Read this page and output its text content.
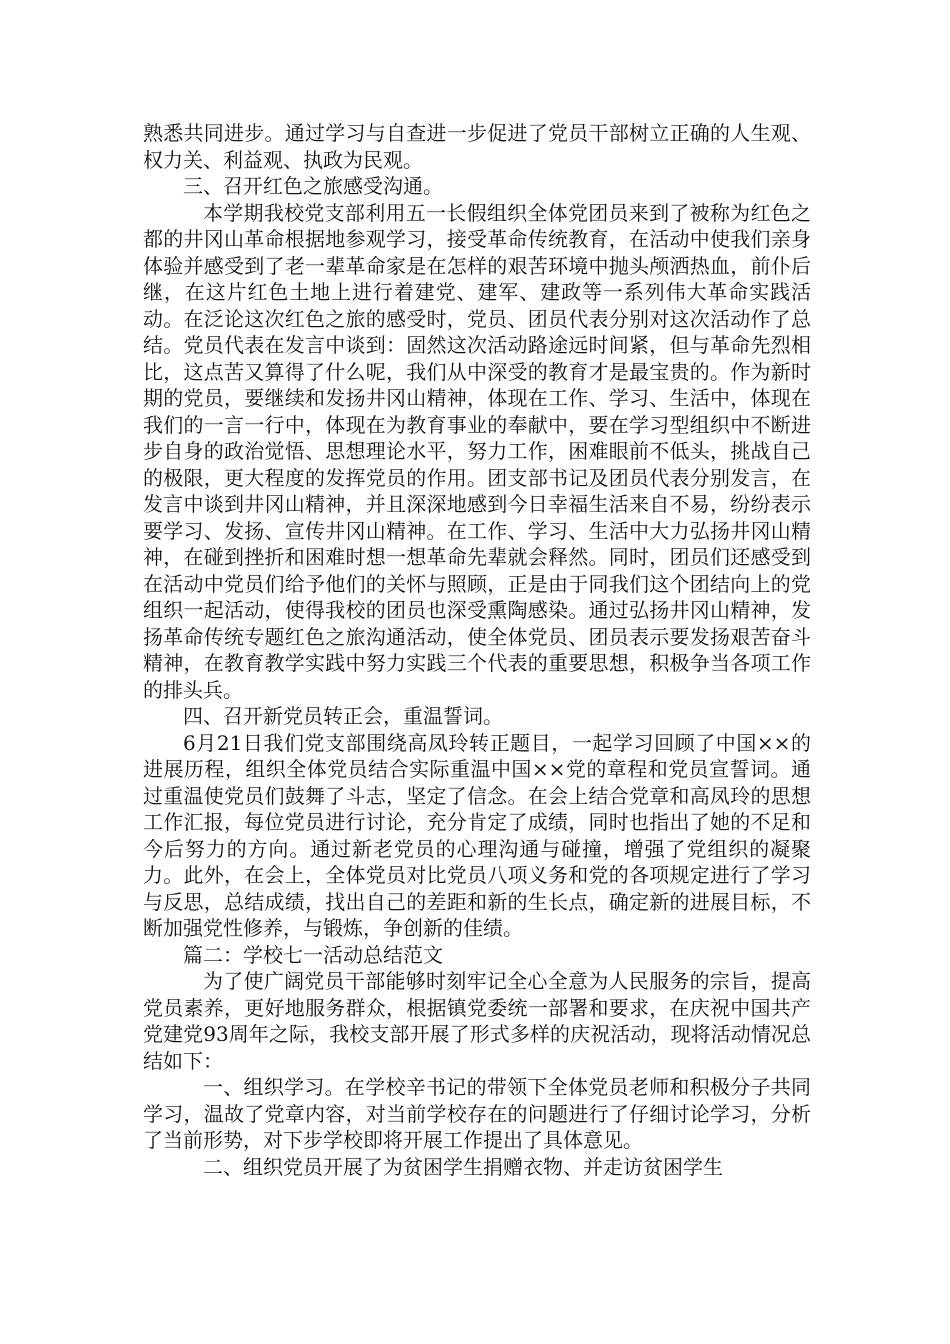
熟悉共同进步。通过学习与自查进一步促进了党员干部树立正确的人生观、权力关、利益观、执政为民观。

三、召开红色之旅感受沟通。

本学期我校党支部利用五一长假组织全体党团员来到了被称为红色之都的井冈山革命根据地参观学习，接受革命传统教育，在活动中使我们亲身体验并感受到了老一辈革命家是在怎样的艰苦环境中抛头颅洒热血，前仆后继，在这片红色土地上进行着建党、建军、建政等一系列伟大革命实践活动。在泛论这次红色之旅的感受时，党员、团员代表分别对这次活动作了总结。党员代表在发言中谈到：固然这次活动路途远时间紧，但与革命先烈相比，这点苦又算得了什么呢，我们从中深受的教育才是最宝贵的。作为新时期的党员，要继续和发扬井冈山精神，体现在工作、学习、生活中，体现在我们的一言一行中，体现在为教育事业的奉献中，要在学习型组织中不断进步自身的政治觉悟、思想理论水平，努力工作，困难眼前不低头，挑战自己的极限，更大程度的发挥党员的作用。团支部书记及团员代表分别发言，在发言中谈到井冈山精神，并且深深地感到今日幸福生活来自不易，纷纷表示要学习、发扬、宣传井冈山精神。在工作、学习、生活中大力弘扬井冈山精神，在碰到挫折和困难时想一想革命先辈就会释然。同时，团员们还感受到在活动中党员们给予他们的关怀与照顾，正是由于同我们这个团结向上的党组织一起活动，使得我校的团员也深受熏陶感染。通过弘扬井冈山精神，发扬革命传统专题红色之旅沟通活动，使全体党员、团员表示要发扬艰苦奋斗精神，在教育教学实践中努力实践三个代表的重要思想，积极争当各项工作的排头兵。

四、召开新党员转正会，重温誓词。

6月21日我们党支部围绕高凤玲转正题目，一起学习回顾了中国××的进展历程，组织全体党员结合实际重温中国××党的章程和党员宣誓词。通过重温使党员们鼓舞了斗志，坚定了信念。在会上结合党章和高凤玲的思想工作汇报，每位党员进行讨论，充分肯定了成绩，同时也指出了她的不足和今后努力的方向。通过新老党员的心理沟通与碰撞，增强了党组织的凝聚力。此外，在会上，全体党员对比党员八项义务和党的各项规定进行了学习与反思，总结成绩，找出自己的差距和新的生长点，确定新的进展目标，不断加强党性修养，与锻炼，争创新的佳绩。

篇二：学校七一活动总结范文

为了使广阔党员干部能够时刻牢记全心全意为人民服务的宗旨，提高党员素养，更好地服务群众，根据镇党委统一部署和要求，在庆祝中国共产党建党93周年之际，我校支部开展了形式多样的庆祝活动，现将活动情况总结如下：

一、组织学习。在学校辛书记的带领下全体党员老师和积极分子共同学习，温故了党章内容，对当前学校存在的问题进行了仔细讨论学习，分析了当前形势，对下步学校即将开展工作提出了具体意见。

二、组织党员开展了为贫困学生捐赠衣物、并走访贫困学生
